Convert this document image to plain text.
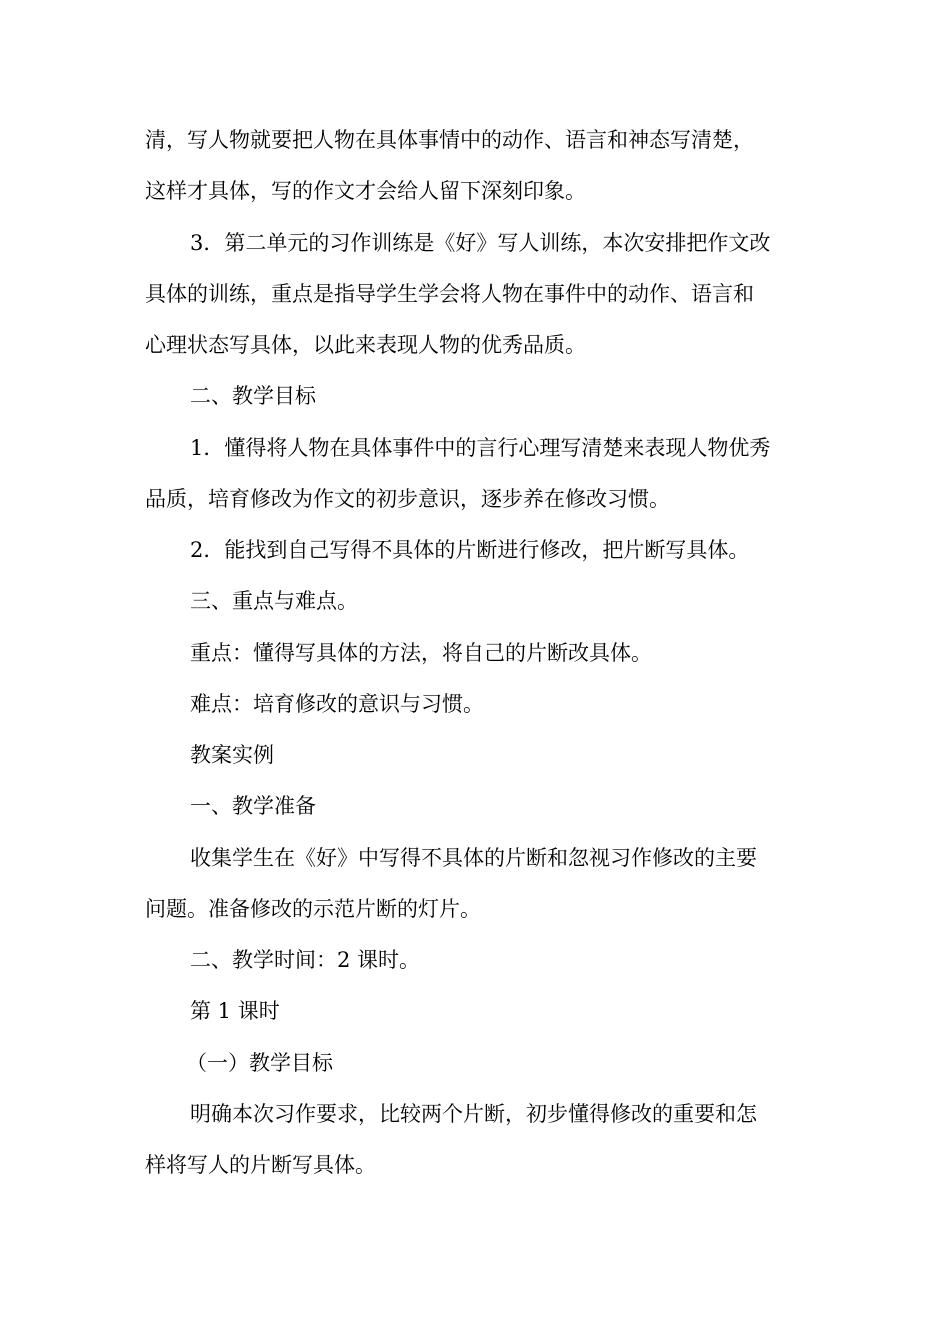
清，写人物就要把人物在具体事情中的动作、语言和神态写清楚，
这样才具体，写的作文才会给人留下深刻印象。
3．第二单元的习作训练是《好》写人训练，本次安排把作文改
具体的训练，重点是指导学生学会将人物在事件中的动作、语言和
心理状态写具体，以此来表现人物的优秀品质。
二、教学目标
1．懂得将人物在具体事件中的言行心理写清楚来表现人物优秀
品质，培育修改为作文的初步意识，逐步养在修改习惯。
2．能找到自己写得不具体的片断进行修改，把片断写具体。
三、重点与难点。
重点：懂得写具体的方法，将自己的片断改具体。
难点：培育修改的意识与习惯。
教案实例
一、教学准备
收集学生在《好》中写得不具体的片断和忽视习作修改的主要
问题。准备修改的示范片断的灯片。
二、教学时间：2 课时。
第 1 课时
（一）教学目标
明确本次习作要求，比较两个片断，初步懂得修改的重要和怎
样将写人的片断写具体。
